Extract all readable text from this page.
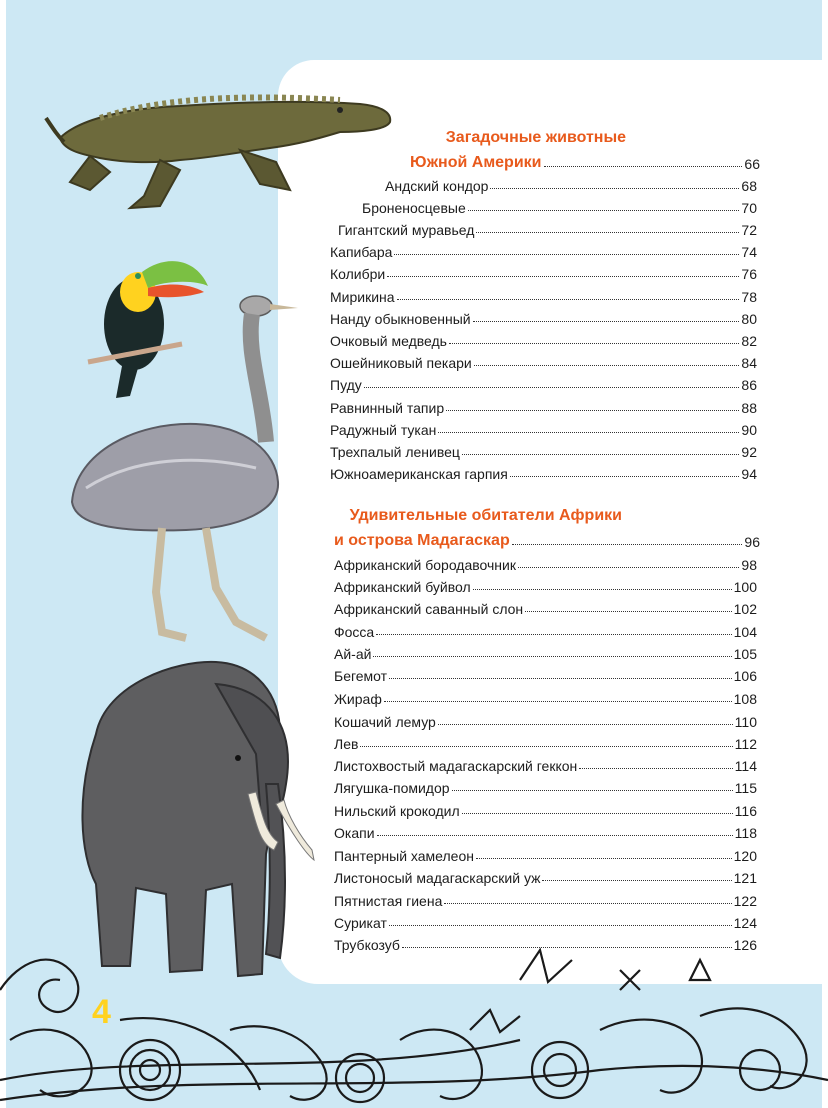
Загадочные животные
Южной Америки	66
Андский кондор	68
Броненосцевые	70
Гигантский муравьед	72
Капибара	74
Колибри	76
Мирикина	78
Нанду обыкновенный	80
Очковый медведь	82
Ошейниковый пекари	84
Пуду	86
Равнинный тапир	88
Радужный тукан	90
Трехпалый ленивец	92
Южноамериканская гарпия	94
Удивительные обитатели Африки
и острова Мадагаскар	96
Африканский бородавочник	98
Африканский буйвол	100
Африканский саванный слон	102
Фосса	104
Ай-ай	105
Бегемот	106
Жираф	108
Кошачий лемур	110
Лев	112
Листохвостый мадагаскарский геккон	114
Лягушка-помидор	115
Нильский крокодил	116
Окапи	118
Пантерный хамелеон	120
Листоносый мадагаскарский уж	121
Пятнистая гиена	122
Сурикат	124
Трубкозуб	126
4
